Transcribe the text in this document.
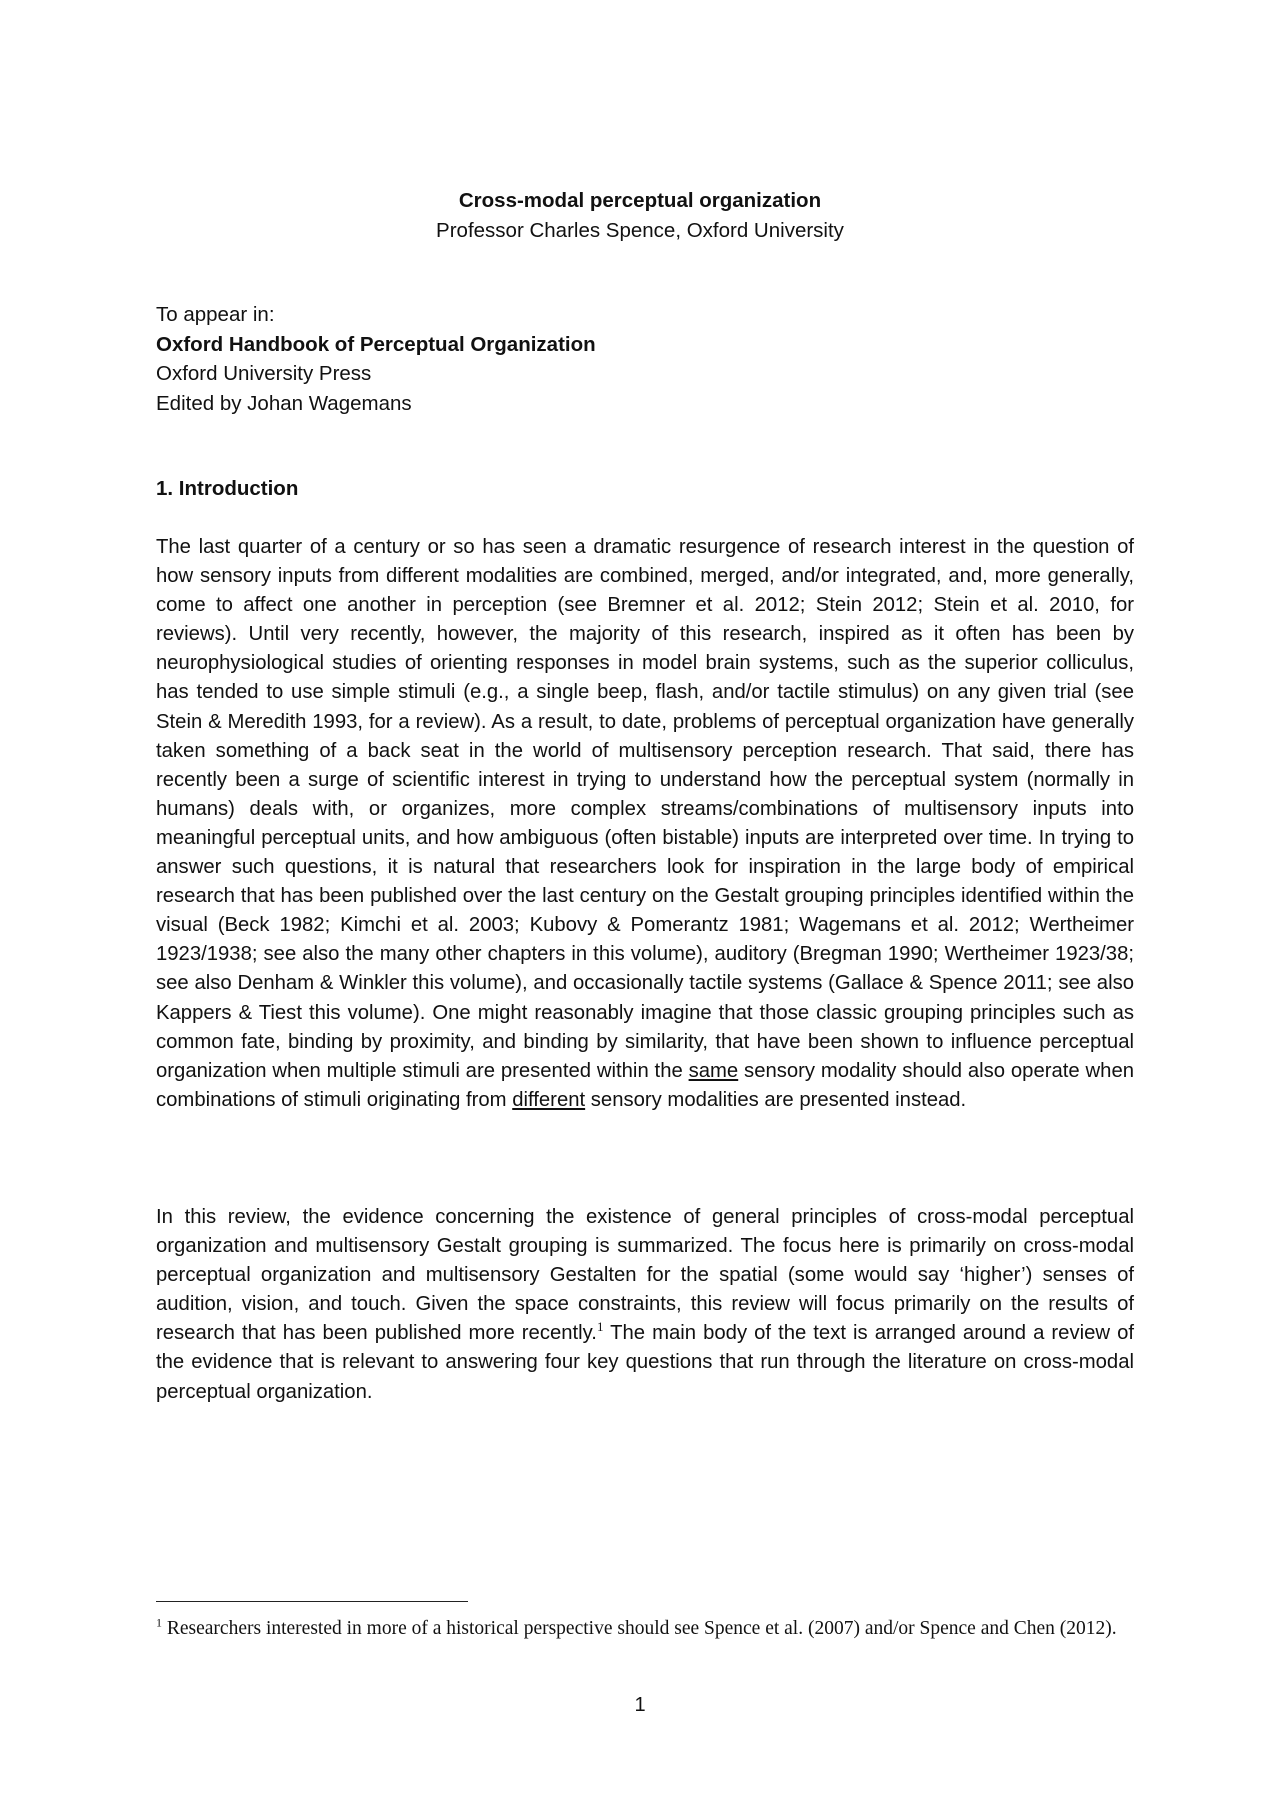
Cross-modal perceptual organization
Professor Charles Spence, Oxford University
To appear in:
Oxford Handbook of Perceptual Organization
Oxford University Press
Edited by Johan Wagemans
1. Introduction
The last quarter of a century or so has seen a dramatic resurgence of research interest in the question of how sensory inputs from different modalities are combined, merged, and/or integrated, and, more generally, come to affect one another in perception (see Bremner et al. 2012; Stein 2012; Stein et al. 2010, for reviews). Until very recently, however, the majority of this research, inspired as it often has been by neurophysiological studies of orienting responses in model brain systems, such as the superior colliculus, has tended to use simple stimuli (e.g., a single beep, flash, and/or tactile stimulus) on any given trial (see Stein & Meredith 1993, for a review). As a result, to date, problems of perceptual organization have generally taken something of a back seat in the world of multisensory perception research. That said, there has recently been a surge of scientific interest in trying to understand how the perceptual system (normally in humans) deals with, or organizes, more complex streams/combinations of multisensory inputs into meaningful perceptual units, and how ambiguous (often bistable) inputs are interpreted over time. In trying to answer such questions, it is natural that researchers look for inspiration in the large body of empirical research that has been published over the last century on the Gestalt grouping principles identified within the visual (Beck 1982; Kimchi et al. 2003; Kubovy & Pomerantz 1981; Wagemans et al. 2012; Wertheimer 1923/1938; see also the many other chapters in this volume), auditory (Bregman 1990; Wertheimer 1923/38; see also Denham & Winkler this volume), and occasionally tactile systems (Gallace & Spence 2011; see also Kappers & Tiest this volume). One might reasonably imagine that those classic grouping principles such as common fate, binding by proximity, and binding by similarity, that have been shown to influence perceptual organization when multiple stimuli are presented within the same sensory modality should also operate when combinations of stimuli originating from different sensory modalities are presented instead.
In this review, the evidence concerning the existence of general principles of cross-modal perceptual organization and multisensory Gestalt grouping is summarized. The focus here is primarily on cross-modal perceptual organization and multisensory Gestalten for the spatial (some would say ‘higher’) senses of audition, vision, and touch. Given the space constraints, this review will focus primarily on the results of research that has been published more recently.$^1$ The main body of the text is arranged around a review of the evidence that is relevant to answering four key questions that run through the literature on cross-modal perceptual organization.
$^1$ Researchers interested in more of a historical perspective should see Spence et al. (2007) and/or Spence and Chen (2012).
1
